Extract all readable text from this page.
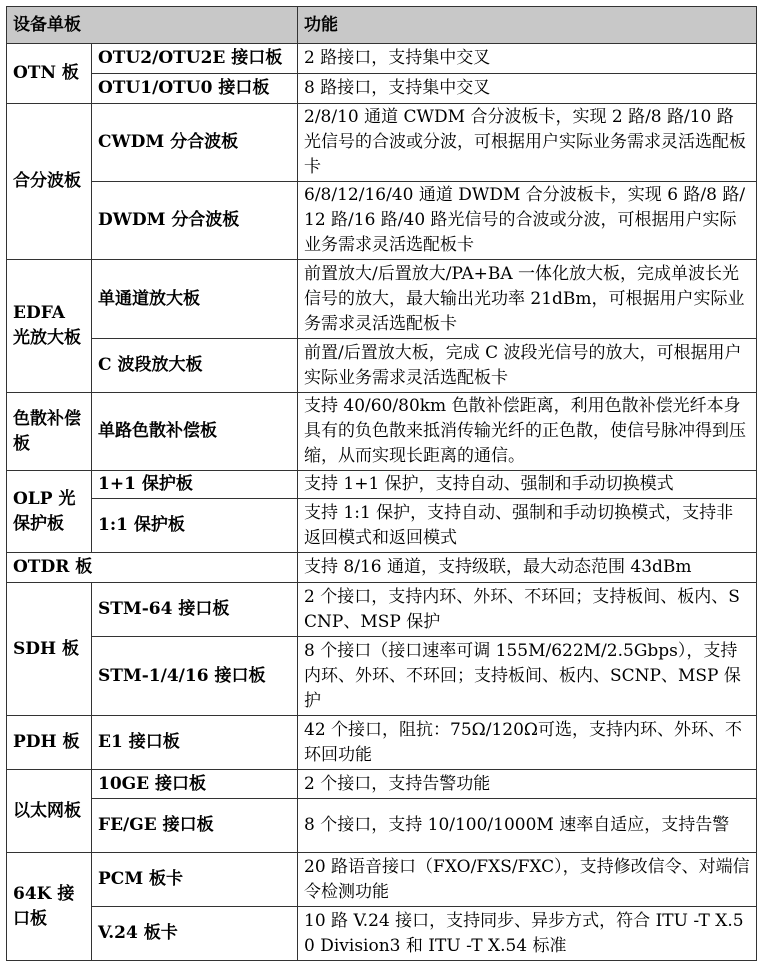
设备单板		功能
OTN 板	OTU2/OTU2E 接口板	2 路接口，支持集中交叉
	OTU1/OTU0 接口板	8 路接口，支持集中交叉
合分波板	CWDM 分合波板	2/8/10 通道 CWDM 合分波板卡，实现 2 路/8 路/10 路光信号的合波或分波，可根据用户实际业务需求灵活选配板卡
	DWDM 分合波板	6/8/12/16/40 通道 DWDM 合分波板卡，实现 6 路/8 路/12 路/16 路/40 路光信号的合波或分波，可根据用户实际业务需求灵活选配板卡
EDFA 光放大板	单通道放大板	前置放大/后置放大/PA+BA 一体化放大板，完成单波长光信号的放大，最大输出光功率 21dBm，可根据用户实际业务需求灵活选配板卡
	C 波段放大板	前置/后置放大板，完成 C 波段光信号的放大，可根据用户实际业务需求灵活选配板卡
色散补偿板	单路色散补偿板	支持 40/60/80km 色散补偿距离，利用色散补偿光纤本身具有的负色散来抵消传输光纤的正色散，使信号脉冲得到压缩，从而实现长距离的通信。
OLP 光保护板	1+1 保护板	支持 1+1 保护，支持自动、强制和手动切换模式
	1:1 保护板	支持 1:1 保护，支持自动、强制和手动切换模式，支持非返回模式和返回模式
OTDR 板		支持 8/16 通道，支持级联，最大动态范围 43dBm
SDH 板	STM-64 接口板	2 个接口，支持内环、外环、不环回；支持板间、板内、SCNP、MSP 保护
	STM-1/4/16 接口板	8 个接口（接口速率可调 155M/622M/2.5Gbps），支持内环、外环、不环回；支持板间、板内、SCNP、MSP 保护
PDH 板	E1 接口板	42 个接口，阻抗：75Ω/120Ω可选，支持内环、外环、不环回功能
以太网板	10GE 接口板	2 个接口，支持告警功能
	FE/GE 接口板	8 个接口，支持 10/100/1000M 速率自适应，支持告警
64K 接口板	PCM 板卡	20 路语音接口（FXO/FXS/FXC），支持修改信令、对端信令检测功能
	V.24 板卡	10 路 V.24 接口，支持同步、异步方式，符合 ITU -T X.50 Division3 和 ITU -T X.54 标准
